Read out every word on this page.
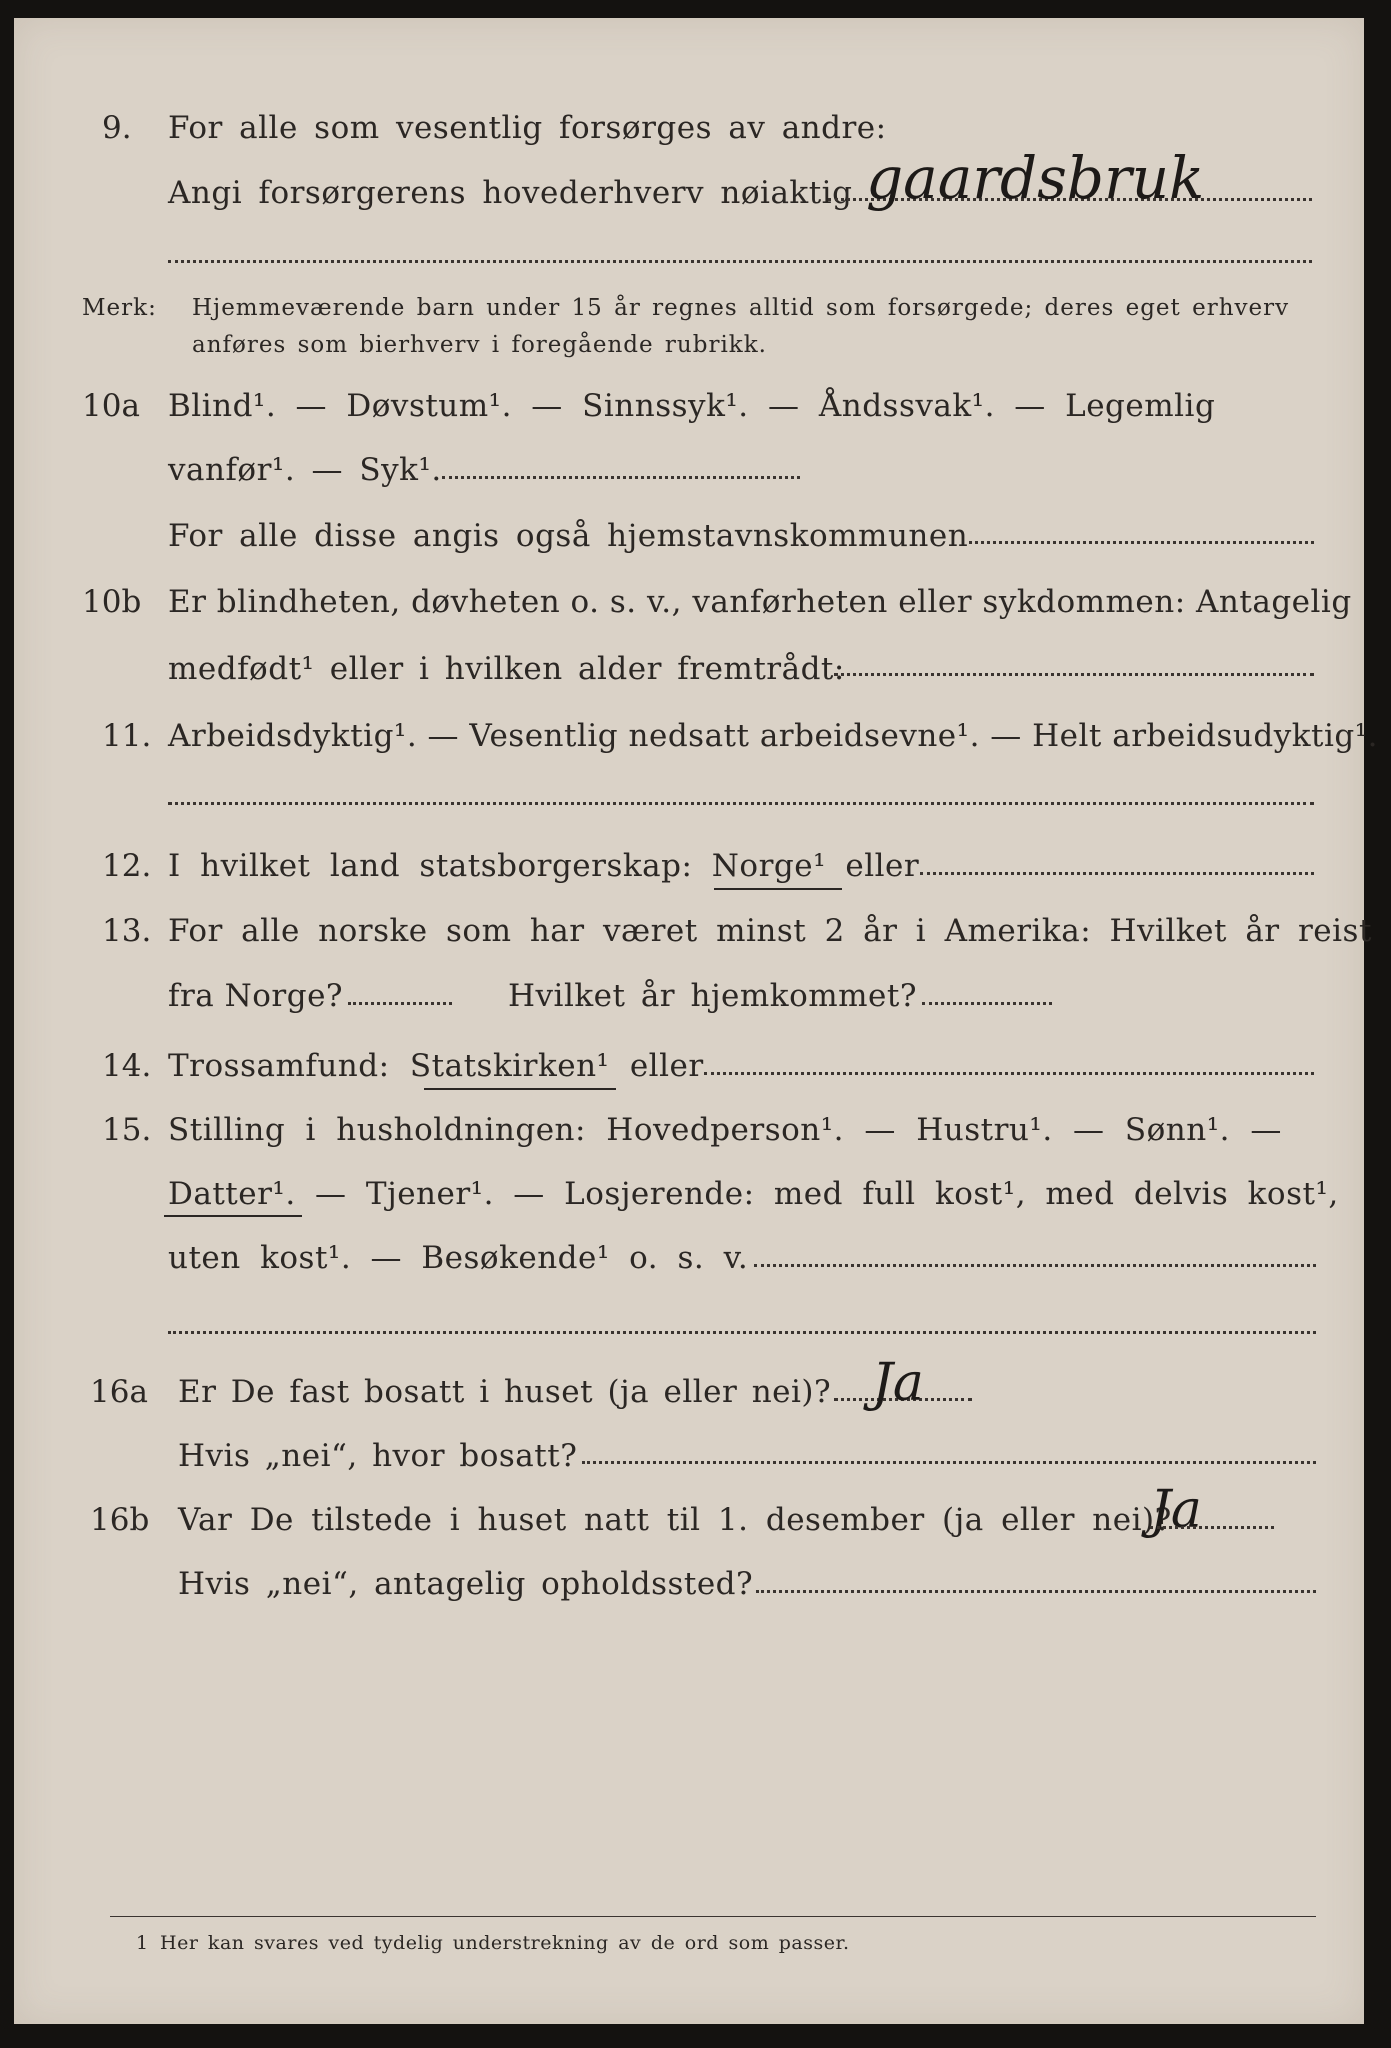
9. For alle som vesentlig forsørges av andre:
Angi forsørgerens hovederhverv nøiaktig gaardsbruk
Merk: Hjemmeværende barn under 15 år regnes alltid som forsørgede; deres eget erhverv
anføres som bierhverv i foregående rubrikk.
10a Blind¹. — Døvstum¹. — Sinnssyk¹. — Åndssvak¹. — Legemlig
vanfør¹. — Syk¹.
For alle disse angis også hjemstavnskommunen
10b Er blindheten, døvheten o. s. v., vanførheten eller sykdommen: Antagelig
medfødt¹ eller i hvilken alder fremtrådt:
11. Arbeidsdyktig¹. — Vesentlig nedsatt arbeidsevne¹. — Helt arbeidsudyktig¹.
12. I hvilket land statsborgerskap: Norge¹ eller
13. For alle norske som har været minst 2 år i Amerika: Hvilket år reist
fra Norge?	Hvilket år hjemkommet?
14. Trossamfund: Statskirken¹ eller
15. Stilling i husholdningen: Hovedperson¹. — Hustru¹. — Sønn¹. —
Datter¹. — Tjener¹. — Losjerende: med full kost¹, med delvis kost¹,
uten kost¹. — Besøkende¹ o. s. v.
16a Er De fast bosatt i huset (ja eller nei)? Ja
Hvis „nei“, hvor bosatt?
16b Var De tilstede i huset natt til 1. desember (ja eller nei)?
Ja
Hvis „nei“, antagelig opholdssted?
1 Her kan svares ved tydelig understrekning av de ord som passer.
